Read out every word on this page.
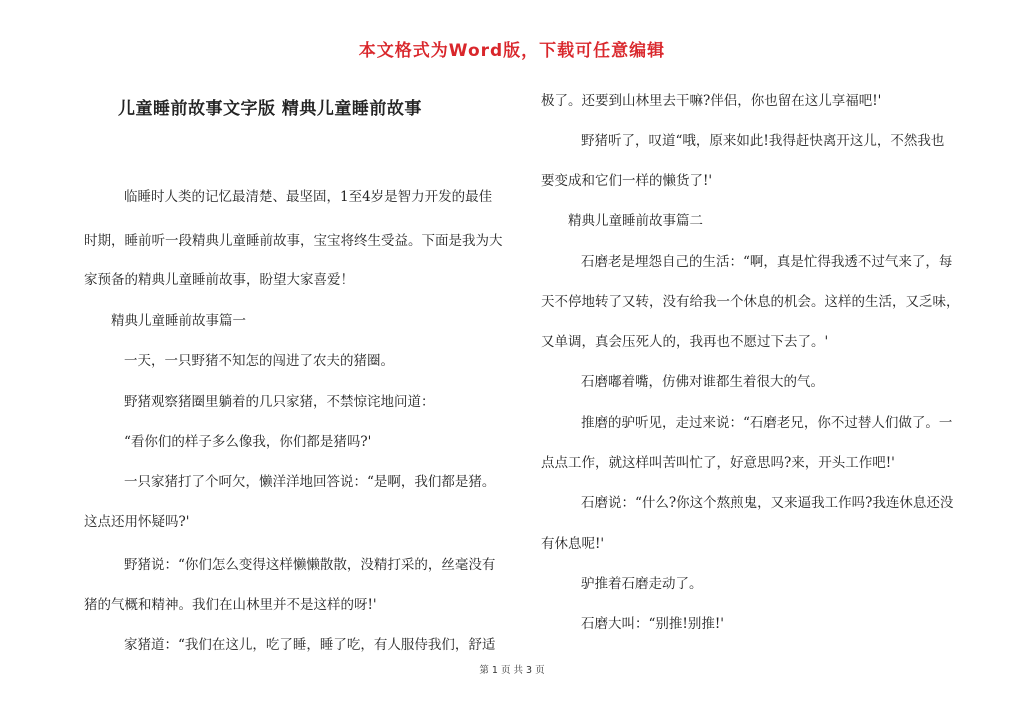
本文格式为Word版，下载可任意编辑

儿童睡前故事文字版 精典儿童睡前故事

临睡时人类的记忆最清楚、最坚固，1至4岁是智力开发的最佳

时期，睡前听一段精典儿童睡前故事，宝宝将终生受益。下面是我为大

家预备的精典儿童睡前故事，盼望大家喜爱！

精典儿童睡前故事篇一

一天，一只野猪不知怎的闯进了农夫的猪圈。

野猪观察猪圈里躺着的几只家猪，不禁惊诧地问道：

“看你们的样子多么像我，你们都是猪吗?'

一只家猪打了个呵欠，懒洋洋地回答说：“是啊，我们都是猪。

这点还用怀疑吗?'

野猪说：“你们怎么变得这样懒懒散散，没精打采的，丝毫没有

猪的气概和精神。我们在山林里并不是这样的呀!'

家猪道：“我们在这儿，吃了睡，睡了吃，有人服侍我们，舒适

极了。还要到山林里去干嘛?伴侣，你也留在这儿享福吧!'

野猪听了，叹道“哦，原来如此!我得赶快离开这儿，不然我也

要变成和它们一样的懒货了!'

精典儿童睡前故事篇二

石磨老是埋怨自己的生活：“啊，真是忙得我透不过气来了，每

天不停地转了又转，没有给我一个休息的机会。这样的生活，又乏味，

又单调，真会压死人的，我再也不愿过下去了。'

石磨嘟着嘴，仿佛对谁都生着很大的气。

推磨的驴听见，走过来说：“石磨老兄，你不过替人们做了。一

点点工作，就这样叫苦叫忙了，好意思吗?来，开头工作吧!'

石磨说：“什么?你这个熬煎鬼，又来逼我工作吗?我连休息还没

有休息呢!'

驴推着石磨走动了。

石磨大叫：“别推!别推!'

第 1 页 共 3 页
